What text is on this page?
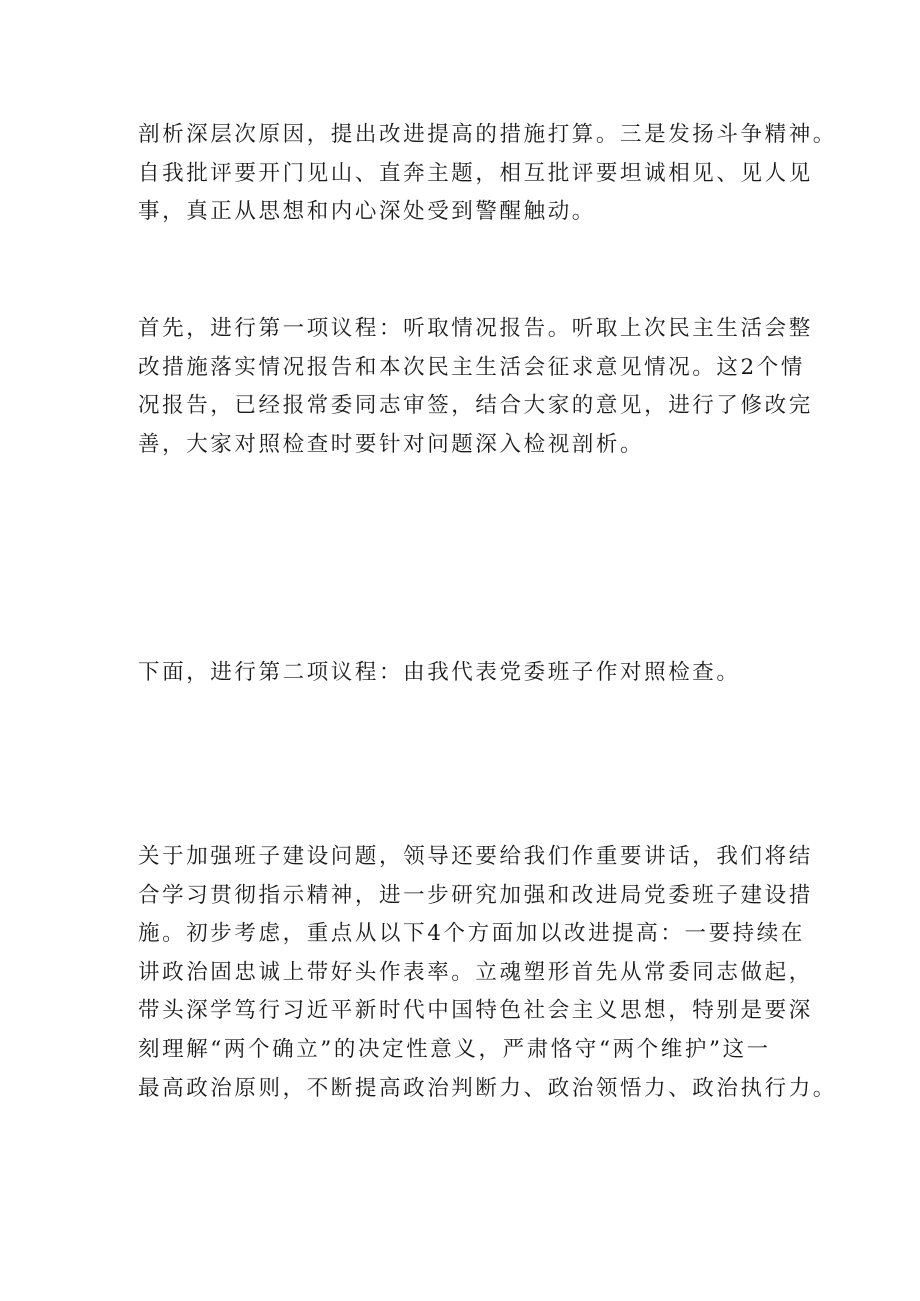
剖析深层次原因，提出改进提高的措施打算。三是发扬斗争精神。
自我批评要开门见山、直奔主题，相互批评要坦诚相见、见人见
事，真正从思想和内心深处受到警醒触动。

首先，进行第一项议程：听取情况报告。听取上次民主生活会整
改措施落实情况报告和本次民主生活会征求意见情况。这2个情
况报告，已经报常委同志审签，结合大家的意见，进行了修改完
善，大家对照检查时要针对问题深入检视剖析。

下面，进行第二项议程：由我代表党委班子作对照检查。

关于加强班子建设问题，领导还要给我们作重要讲话，我们将结
合学习贯彻指示精神，进一步研究加强和改进局党委班子建设措
施。初步考虑，重点从以下4个方面加以改进提高：一要持续在
讲政治固忠诚上带好头作表率。立魂塑形首先从常委同志做起，
带头深学笃行习近平新时代中国特色社会主义思想，特别是要深
刻理解“两个确立”的决定性意义，严肃恪守“两个维护”这一
最高政治原则，不断提高政治判断力、政治领悟力、政治执行力。
